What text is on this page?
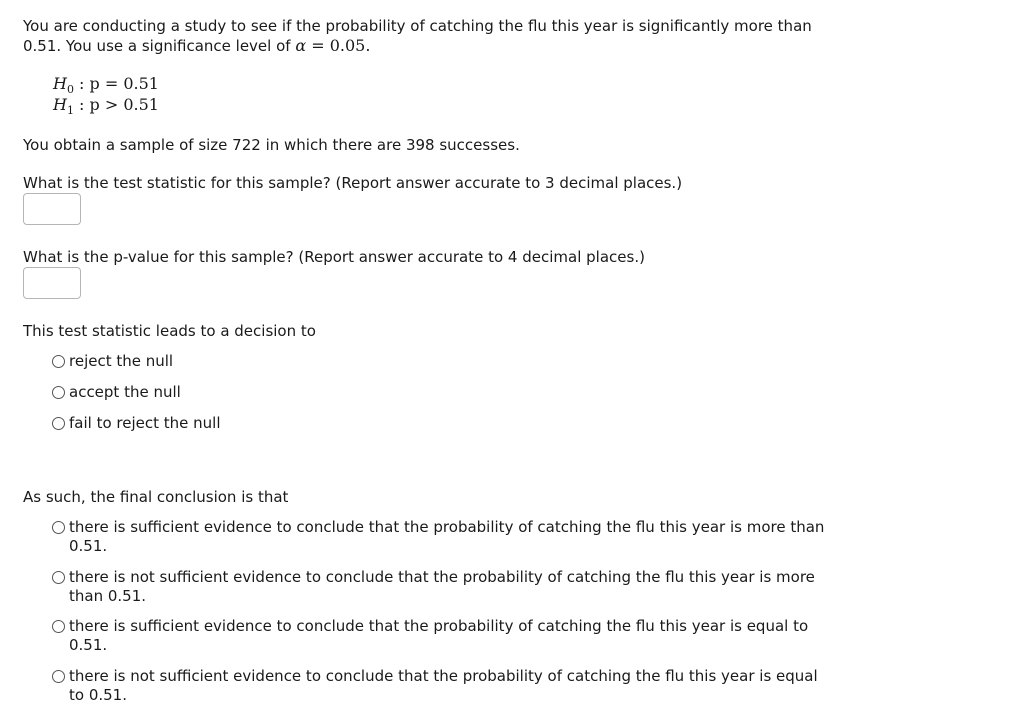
You are conducting a study to see if the probability of catching the flu this year is significantly more than
0.51. You use a significance level of α = 0.05.
$H_0$ : p = 0.51
$H_1$ : p > 0.51
You obtain a sample of size 722 in which there are 398 successes.
What is the test statistic for this sample? (Report answer accurate to 3 decimal places.)
What is the p-value for this sample? (Report answer accurate to 4 decimal places.)
This test statistic leads to a decision to
reject the null
accept the null
fail to reject the null
As such, the final conclusion is that
there is sufficient evidence to conclude that the probability of catching the flu this year is more than
0.51.
there is not sufficient evidence to conclude that the probability of catching the flu this year is more
than 0.51.
there is sufficient evidence to conclude that the probability of catching the flu this year is equal to
0.51.
there is not sufficient evidence to conclude that the probability of catching the flu this year is equal
to 0.51.
